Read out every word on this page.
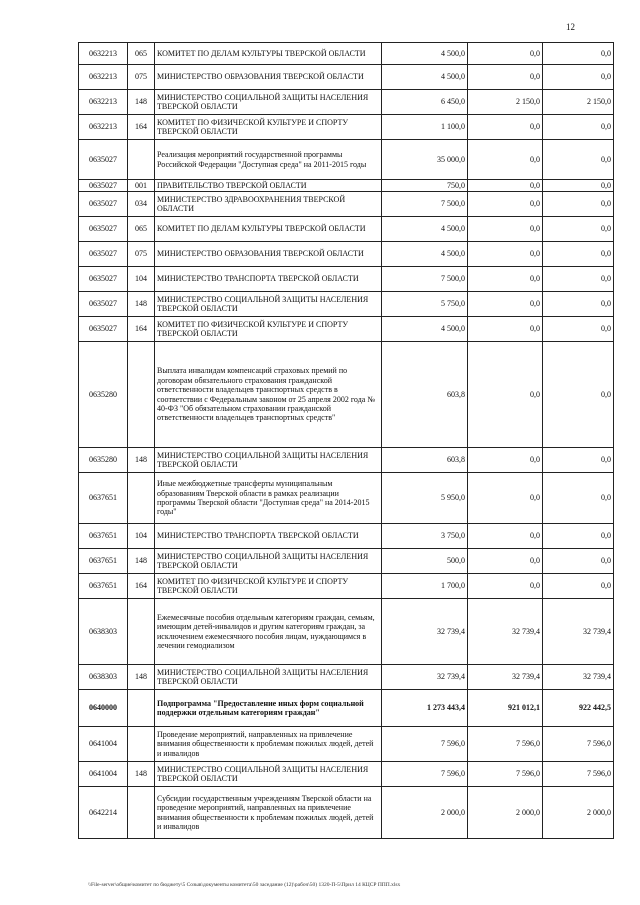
12
0632213	065	КОМИТЕТ ПО ДЕЛАМ КУЛЬТУРЫ ТВЕРСКОЙ ОБЛАСТИ	4 500,0	0,0	0,0
0632213	075	МИНИСТЕРСТВО ОБРАЗОВАНИЯ ТВЕРСКОЙ ОБЛАСТИ	4 500,0	0,0	0,0
0632213	148	МИНИСТЕРСТВО СОЦИАЛЬНОЙ ЗАЩИТЫ НАСЕЛЕНИЯ ТВЕРСКОЙ ОБЛАСТИ	6 450,0	2 150,0	2 150,0
0632213	164	КОМИТЕТ ПО ФИЗИЧЕСКОЙ КУЛЬТУРЕ И СПОРТУ ТВЕРСКОЙ ОБЛАСТИ	1 100,0	0,0	0,0
0635027		Реализация мероприятий государственной программы Российской Федерации "Доступная среда" на 2011-2015 годы	35 000,0	0,0	0,0
0635027	001	ПРАВИТЕЛЬСТВО ТВЕРСКОЙ ОБЛАСТИ	750,0	0,0	0,0
0635027	034	МИНИСТЕРСТВО ЗДРАВООХРАНЕНИЯ ТВЕРСКОЙ ОБЛАСТИ	7 500,0	0,0	0,0
0635027	065	КОМИТЕТ ПО ДЕЛАМ КУЛЬТУРЫ ТВЕРСКОЙ ОБЛАСТИ	4 500,0	0,0	0,0
0635027	075	МИНИСТЕРСТВО ОБРАЗОВАНИЯ ТВЕРСКОЙ ОБЛАСТИ	4 500,0	0,0	0,0
0635027	104	МИНИСТЕРСТВО ТРАНСПОРТА ТВЕРСКОЙ ОБЛАСТИ	7 500,0	0,0	0,0
0635027	148	МИНИСТЕРСТВО СОЦИАЛЬНОЙ ЗАЩИТЫ НАСЕЛЕНИЯ ТВЕРСКОЙ ОБЛАСТИ	5 750,0	0,0	0,0
0635027	164	КОМИТЕТ ПО ФИЗИЧЕСКОЙ КУЛЬТУРЕ И СПОРТУ ТВЕРСКОЙ ОБЛАСТИ	4 500,0	0,0	0,0
0635280		Выплата инвалидам компенсаций страховых премий по договорам обязательного страхования гражданской ответственности владельцев транспортных средств в соответствии с Федеральным законом от 25 апреля 2002 года № 40-ФЗ "Об обязательном страховании гражданской ответственности владельцев транспортных средств"	603,8	0,0	0,0
0635280	148	МИНИСТЕРСТВО СОЦИАЛЬНОЙ ЗАЩИТЫ НАСЕЛЕНИЯ ТВЕРСКОЙ ОБЛАСТИ	603,8	0,0	0,0
0637651		Иные межбюджетные трансферты муниципальным образованиям Тверской области в рамках реализации программы Тверской области "Доступная среда" на 2014-2015 годы"	5 950,0	0,0	0,0
0637651	104	МИНИСТЕРСТВО ТРАНСПОРТА ТВЕРСКОЙ ОБЛАСТИ	3 750,0	0,0	0,0
0637651	148	МИНИСТЕРСТВО СОЦИАЛЬНОЙ ЗАЩИТЫ НАСЕЛЕНИЯ ТВЕРСКОЙ ОБЛАСТИ	500,0	0,0	0,0
0637651	164	КОМИТЕТ ПО ФИЗИЧЕСКОЙ КУЛЬТУРЕ И СПОРТУ ТВЕРСКОЙ ОБЛАСТИ	1 700,0	0,0	0,0
0638303		Ежемесячные пособия отдельным категориям граждан, семьям, имеющим детей-инвалидов и другим категориям граждан, за исключением ежемесячного пособия лицам, нуждающимся в лечении гемодиализом	32 739,4	32 739,4	32 739,4
0638303	148	МИНИСТЕРСТВО СОЦИАЛЬНОЙ ЗАЩИТЫ НАСЕЛЕНИЯ ТВЕРСКОЙ ОБЛАСТИ	32 739,4	32 739,4	32 739,4
0640000		Подпрограмма "Предоставление иных форм социальной поддержки отдельным категориям граждан"	1 273 443,4	921 012,1	922 442,5
0641004		Проведение мероприятий, направленных на привлечение внимания общественности к проблемам пожилых людей, детей и инвалидов	7 596,0	7 596,0	7 596,0
0641004	148	МИНИСТЕРСТВО СОЦИАЛЬНОЙ ЗАЩИТЫ НАСЕЛЕНИЯ ТВЕРСКОЙ ОБЛАСТИ	7 596,0	7 596,0	7 596,0
0642214		Субсидии государственным учреждениям Тверской области на проведение мероприятий, направленных на привлечение внимания общественности к проблемам пожилых людей, детей и инвалидов	2 000,0	2 000,0	2 000,0
\\File-server\общие\комитет по бюджету\5 Созыв\документы комитета\50 заседание (12)\рабоч\50) 1320-П-5\Прил 14 КЦСР ППП.xlsx
